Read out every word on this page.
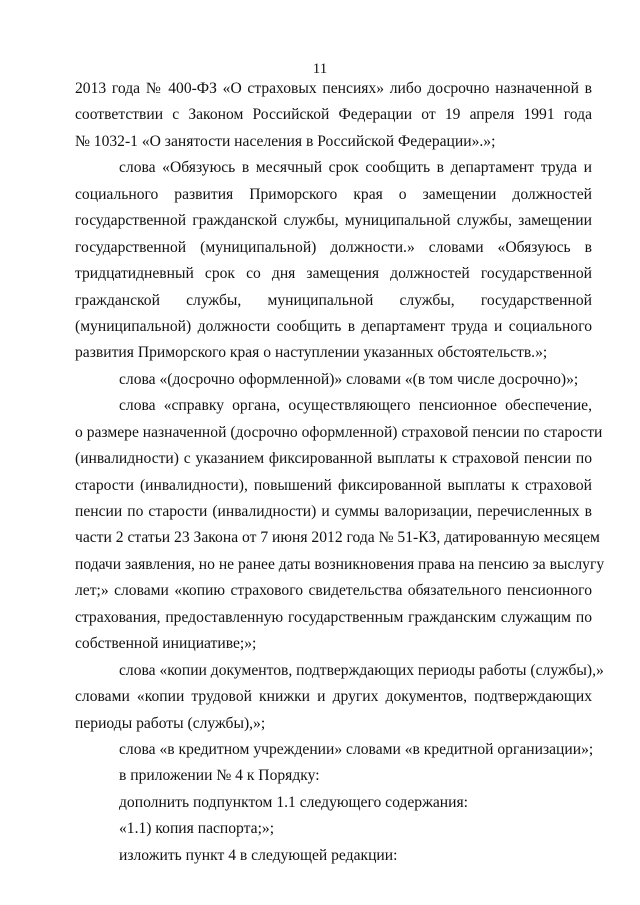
11
2013 года № 400-ФЗ «О страховых пенсиях» либо досрочно назначенной в
соответствии с Законом Российской Федерации от 19 апреля 1991 года
№ 1032-1 «О занятости населения в Российской Федерации».»;
слова «Обязуюсь в месячный срок сообщить в департамент труда и
социального развития Приморского края о замещении должностей
государственной гражданской службы, муниципальной службы, замещении
государственной (муниципальной) должности.» словами «Обязуюсь в
тридцатидневный срок со дня замещения должностей государственной
гражданской службы, муниципальной службы, государственной
(муниципальной) должности сообщить в департамент труда и социального
развития Приморского края о наступлении указанных обстоятельств.»;
слова «(досрочно оформленной)» словами «(в том числе досрочно)»;
слова «справку органа, осуществляющего пенсионное обеспечение,
о размере назначенной (досрочно оформленной) страховой пенсии по старости
(инвалидности) с указанием фиксированной выплаты к страховой пенсии по
старости (инвалидности), повышений фиксированной выплаты к страховой
пенсии по старости (инвалидности) и суммы валоризации, перечисленных в
части 2 статьи 23 Закона от 7 июня 2012 года № 51-КЗ, датированную месяцем
подачи заявления, но не ранее даты возникновения права на пенсию за выслугу
лет;» словами «копию страхового свидетельства обязательного пенсионного
страхования, предоставленную государственным гражданским служащим по
собственной инициативе;»;
слова «копии документов, подтверждающих периоды работы (службы),»
словами «копии трудовой книжки и других документов, подтверждающих
периоды работы (службы),»;
слова «в кредитном учреждении» словами «в кредитной организации»;
в приложении № 4 к Порядку:
дополнить подпунктом 1.1 следующего содержания:
«1.1) копия паспорта;»;
изложить пункт 4 в следующей редакции:
